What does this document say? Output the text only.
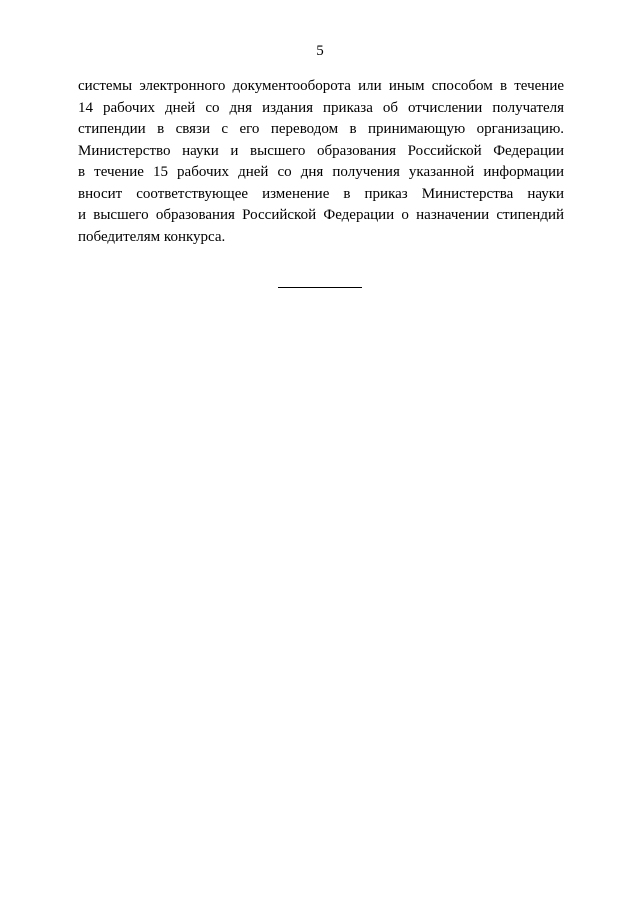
5
системы электронного документооборота или иным способом в течение
14 рабочих дней со дня издания приказа об отчислении получателя
стипендии в связи с его переводом в принимающую организацию.
Министерство науки и высшего образования Российской Федерации
в течение 15 рабочих дней со дня получения указанной информации
вносит соответствующее изменение в приказ Министерства науки
и высшего образования Российской Федерации о назначении стипендий
победителям конкурса.
